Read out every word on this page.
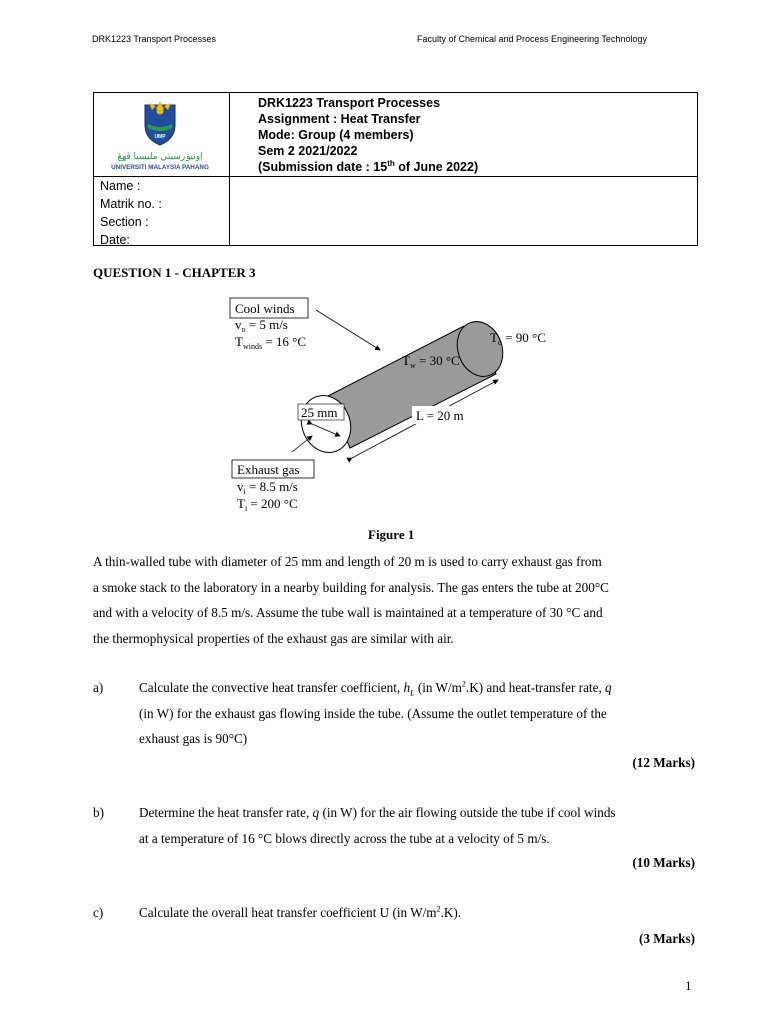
DRK1223 Transport Processes	Faculty of Chemical and Process Engineering Technology
UMP
اونيۏرسيتي مليسيا ڤهڠ
UNIVERSITI MALAYSIA PAHANG
DRK1223 Transport Processes
Assignment : Heat Transfer
Mode: Group (4 members)
Sem 2 2021/2022
(Submission date : 15th of June 2022)
Name :
Matrik no. :
Section :
Date:
QUESTION 1 - CHAPTER 3
Cool winds
$v_o = 5$ m/s
$T_{winds} = 16$ °C	$T_o = 90$ °C
$T_w = 30$ °C
25 mm	L = 20 m
Exhaust gas
$v_i = 8.5$ m/s
$T_i = 200$ °C
Figure 1
A thin-walled tube with diameter of 25 mm and length of 20 m is used to carry exhaust gas from
a smoke stack to the laboratory in a nearby building for analysis. The gas enters the tube at 200°C
and with a velocity of 8.5 m/s. Assume the tube wall is maintained at a temperature of 30 °C and
the thermophysical properties of the exhaust gas are similar with air.
a)	Calculate the convective heat transfer coefficient, $h_L$ (in $W/m^2.K$) and heat-transfer rate, q
(in W) for the exhaust gas flowing inside the tube. (Assume the outlet temperature of the
exhaust gas is 90°C)
(12 Marks)
b)	Determine the heat transfer rate, q (in W) for the air flowing outside the tube if cool winds
at a temperature of 16 °C blows directly across the tube at a velocity of 5 m/s.
(10 Marks)
c)	Calculate the overall heat transfer coefficient U (in $W/m^2.K$).
(3 Marks)
1
